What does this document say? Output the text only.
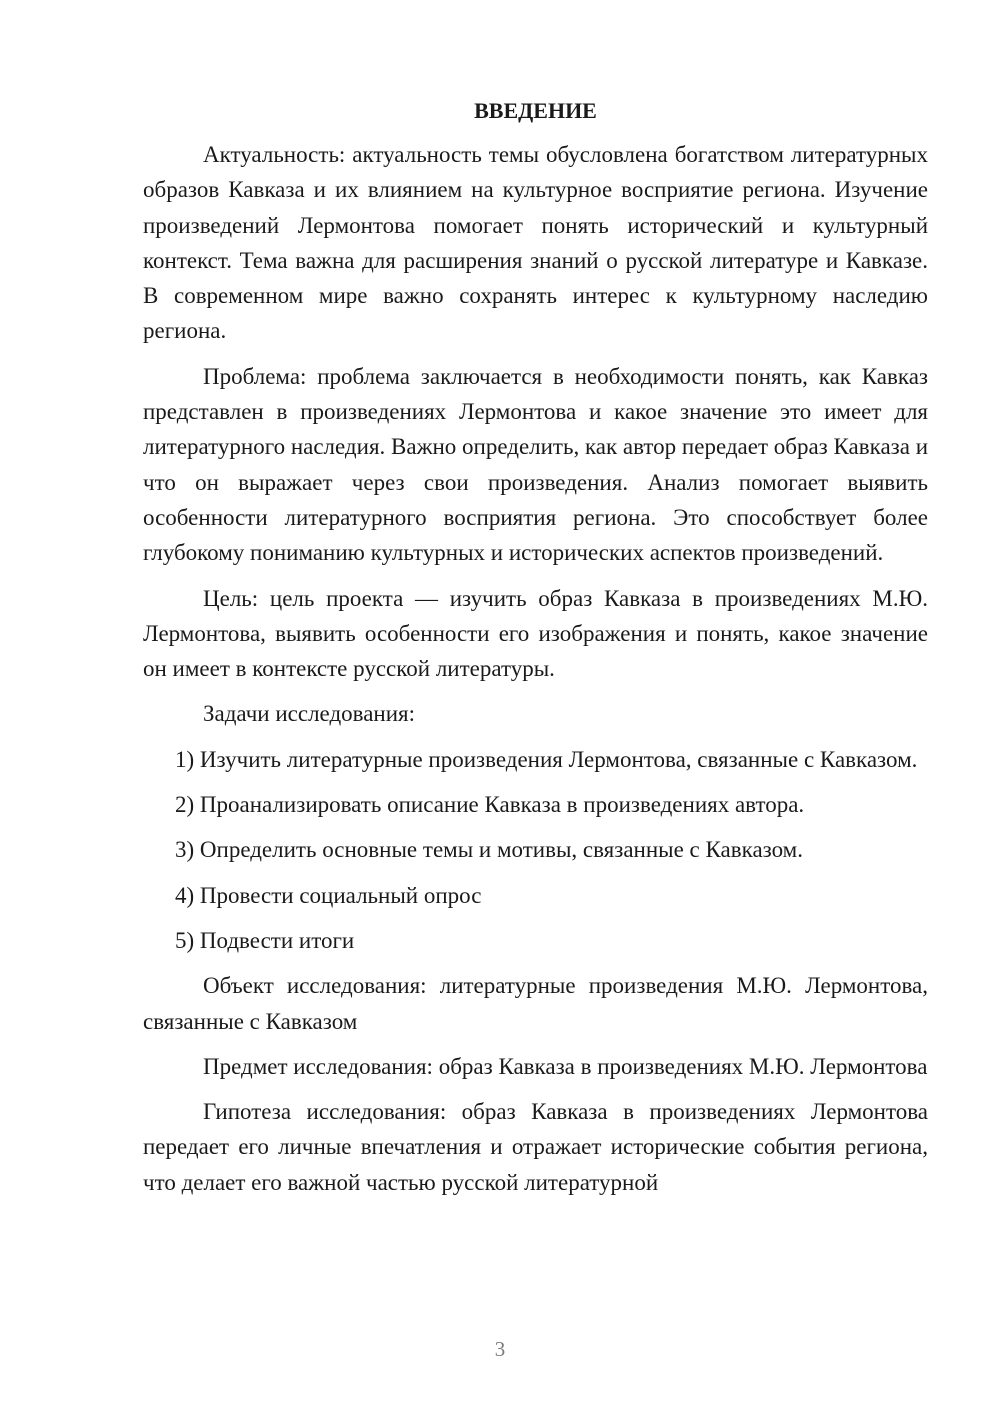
ВВЕДЕНИЕ

Актуальность: актуальность темы обусловлена богатством литературных образов Кавказа и их влиянием на культурное восприятие региона. Изучение произведений Лермонтова помогает понять исторический и культурный контекст. Тема важна для расширения знаний о русской литературе и Кавказе. В современном мире важно сохранять интерес к культурному наследию региона.

Проблема: проблема заключается в необходимости понять, как Кавказ представлен в произведениях Лермонтова и какое значение это имеет для литературного наследия. Важно определить, как автор передает образ Кавказа и что он выражает через свои произведения. Анализ помогает выявить особенности литературного восприятия региона. Это способствует более глубокому пониманию культурных и исторических аспектов произведений.

Цель: цель проекта — изучить образ Кавказа в произведениях М.Ю. Лермонтова, выявить особенности его изображения и понять, какое значение он имеет в контексте русской литературы.

Задачи исследования:

1) Изучить литературные произведения Лермонтова, связанные с Кавказом.

2) Проанализировать описание Кавказа в произведениях автора.

3) Определить основные темы и мотивы, связанные с Кавказом.

4) Провести социальный опрос

5) Подвести итоги

Объект исследования: литературные произведения М.Ю. Лермонтова, связанные с Кавказом

Предмет исследования: образ Кавказа в произведениях М.Ю. Лермонтова

Гипотеза исследования: образ Кавказа в произведениях Лермонтова передает его личные впечатления и отражает исторические события региона, что делает его важной частью русской литературной

3
